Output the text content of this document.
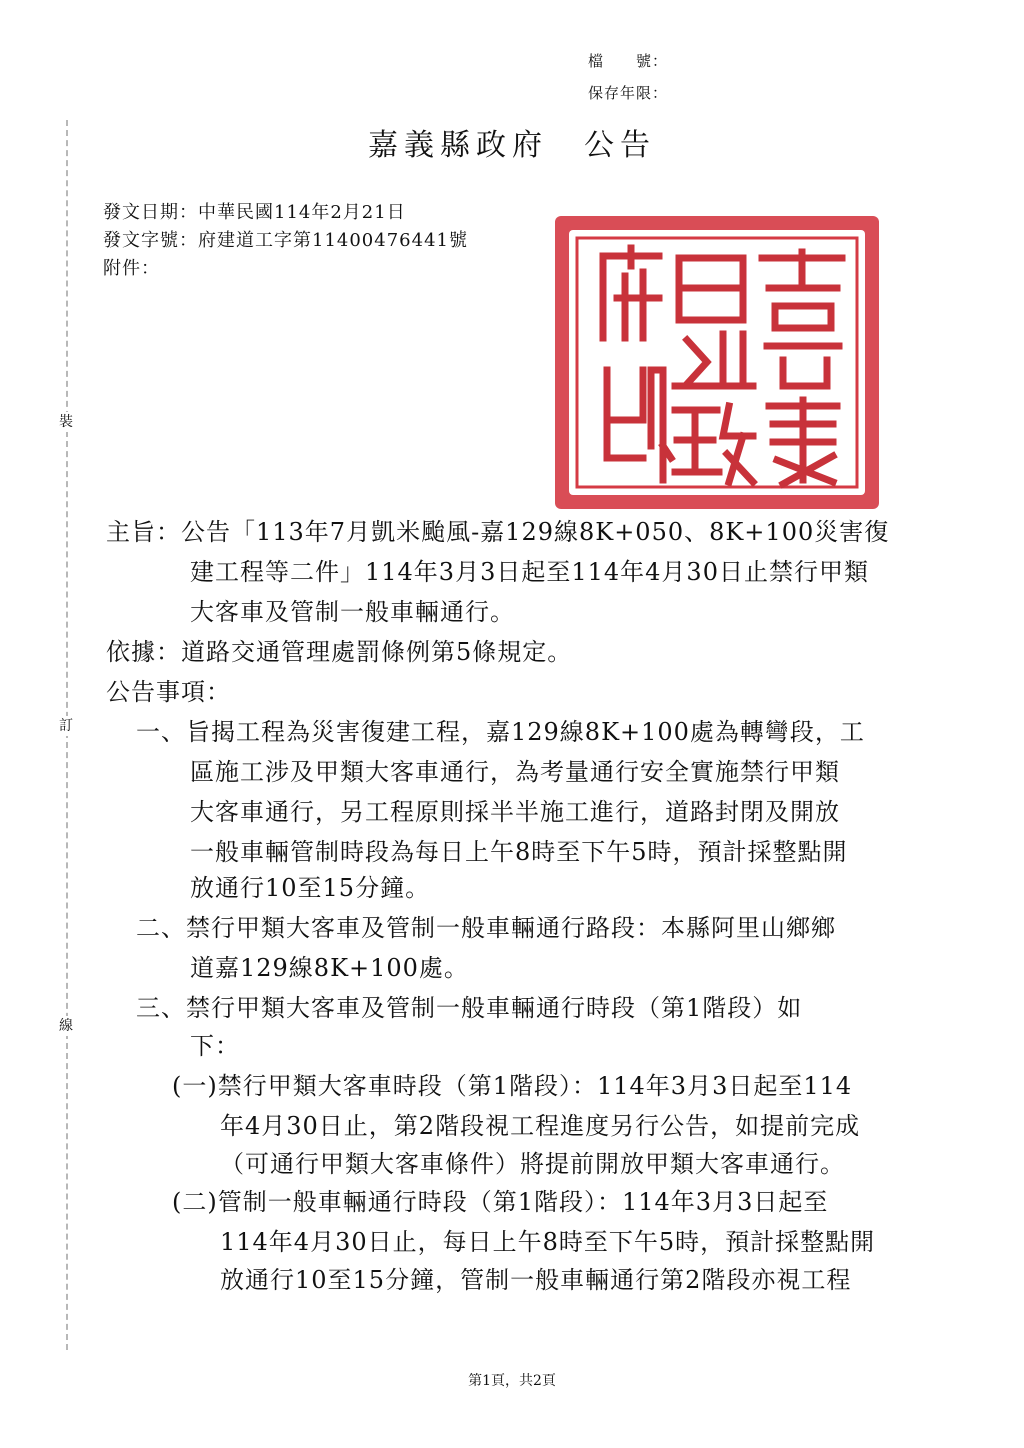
檔　　號：
保存年限：
嘉義縣政府　公告
裝
訂
線
發文日期：中華民國114年2月21日
發文字號：府建道工字第11400476441號
附件：
主旨：公告「113年7月凱米颱風-嘉129線8K+050、8K+100災害復
建工程等二件」114年3月3日起至114年4月30日止禁行甲類
大客車及管制一般車輛通行。
依據：道路交通管理處罰條例第5條規定。
公告事項：
一、旨揭工程為災害復建工程，嘉129線8K+100處為轉彎段，工
區施工涉及甲類大客車通行，為考量通行安全實施禁行甲類
大客車通行，另工程原則採半半施工進行，道路封閉及開放
一般車輛管制時段為每日上午8時至下午5時，預計採整點開
放通行10至15分鐘。
二、禁行甲類大客車及管制一般車輛通行路段：本縣阿里山鄉鄉
道嘉129線8K+100處。
三、禁行甲類大客車及管制一般車輛通行時段（第1階段）如
下：
(一)禁行甲類大客車時段（第1階段）：114年3月3日起至114
年4月30日止，第2階段視工程進度另行公告，如提前完成
（可通行甲類大客車條件）將提前開放甲類大客車通行。
(二)管制一般車輛通行時段（第1階段）：114年3月3日起至
114年4月30日止，每日上午8時至下午5時，預計採整點開
放通行10至15分鐘，管制一般車輛通行第2階段亦視工程
第1頁，共2頁
